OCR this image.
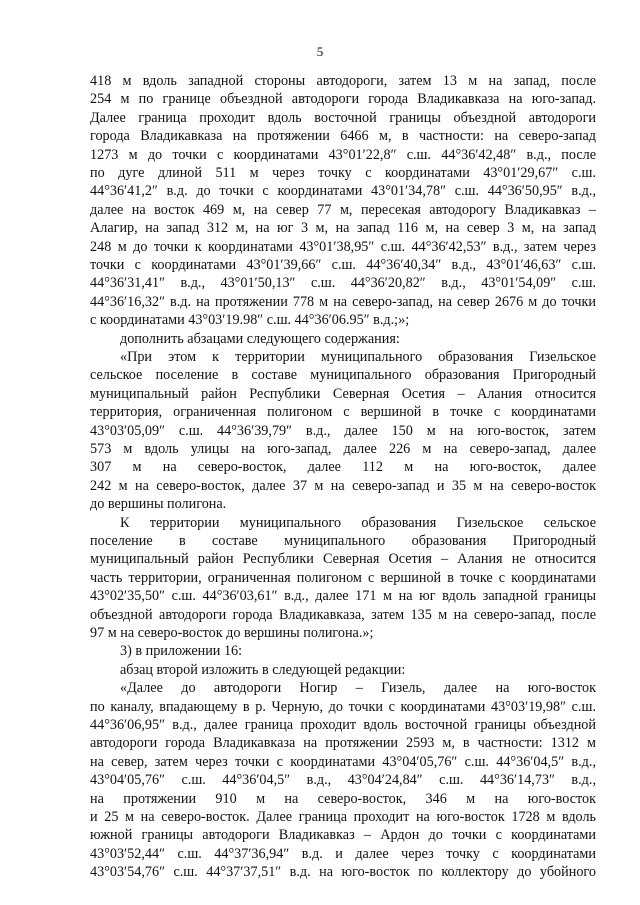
5
418 м вдоль западной стороны автодороги, затем 13 м на запад, после
254 м по границе объездной автодороги города Владикавказа на юго-запад.
Далее граница проходит вдоль восточной границы объездной автодороги
города Владикавказа на протяжении 6466 м, в частности: на северо-запад
1273 м до точки с координатами 43°01′22,8″ с.ш. 44°36′42,48″ в.д., после
по дуге длиной 511 м через точку с координатами 43°01′29,67″ с.ш.
44°36′41,2″ в.д. до точки с координатами 43°01′34,78″ с.ш. 44°36′50,95″ в.д.,
далее на восток 469 м, на север 77 м, пересекая автодорогу Владикавказ –
Алагир, на запад 312 м, на юг 3 м, на запад 116 м, на север 3 м, на запад
248 м до точки к координатами 43°01′38,95″ с.ш. 44°36′42,53″ в.д., затем через
точки с координатами 43°01′39,66″ с.ш. 44°36′40,34″ в.д., 43°01′46,63″ с.ш.
44°36′31,41″ в.д., 43°01′50,13″ с.ш. 44°36′20,82″ в.д., 43°01′54,09″ с.ш.
44°36′16,32″ в.д. на протяжении 778 м на северо-запад, на север 2676 м до точки
с координатами 43°03′19.98″ с.ш. 44°36′06.95″ в.д.;»;
дополнить абзацами следующего содержания:
«При этом к территории муниципального образования Гизельское
сельское поселение в составе муниципального образования Пригородный
муниципальный район Республики Северная Осетия – Алания относится
территория, ограниченная полигоном с вершиной в точке с координатами
43°03′05,09″ с.ш. 44°36′39,79″ в.д., далее 150 м на юго-восток, затем
573 м вдоль улицы на юго-запад, далее 226 м на северо-запад, далее
307 м на северо-восток, далее 112 м на юго-восток, далее
242 м на северо-восток, далее 37 м на северо-запад и 35 м на северо-восток
до вершины полигона.
К территории муниципального образования Гизельское сельское
поселение в составе муниципального образования Пригородный
муниципальный район Республики Северная Осетия – Алания не относится
часть территории, ограниченная полигоном с вершиной в точке с координатами
43°02′35,50″ с.ш. 44°36′03,61″ в.д., далее 171 м на юг вдоль западной границы
объездной автодороги города Владикавказа, затем 135 м на северо-запад, после
97 м на северо-восток до вершины полигона.»;
3) в приложении 16:
абзац второй изложить в следующей редакции:
«Далее до автодороги Ногир – Гизель, далее на юго-восток
по каналу, впадающему в р. Черную, до точки с координатами 43°03′19,98″ с.ш.
44°36′06,95″ в.д., далее граница проходит вдоль восточной границы объездной
автодороги города Владикавказа на протяжении 2593 м, в частности: 1312 м
на север, затем через точки с координатами 43°04′05,76″ с.ш. 44°36′04,5″ в.д.,
43°04′05,76″ с.ш. 44°36′04,5″ в.д., 43°04′24,84″ с.ш. 44°36′14,73″ в.д.,
на протяжении 910 м на северо-восток, 346 м на юго-восток
и 25 м на северо-восток. Далее граница проходит на юго-восток 1728 м вдоль
южной границы автодороги Владикавказ – Ардон до точки с координатами
43°03′52,44″ с.ш. 44°37′36,94″ в.д. и далее через точку с координатами
43°03′54,76″ с.ш. 44°37′37,51″ в.д. на юго-восток по коллектору до убойного
